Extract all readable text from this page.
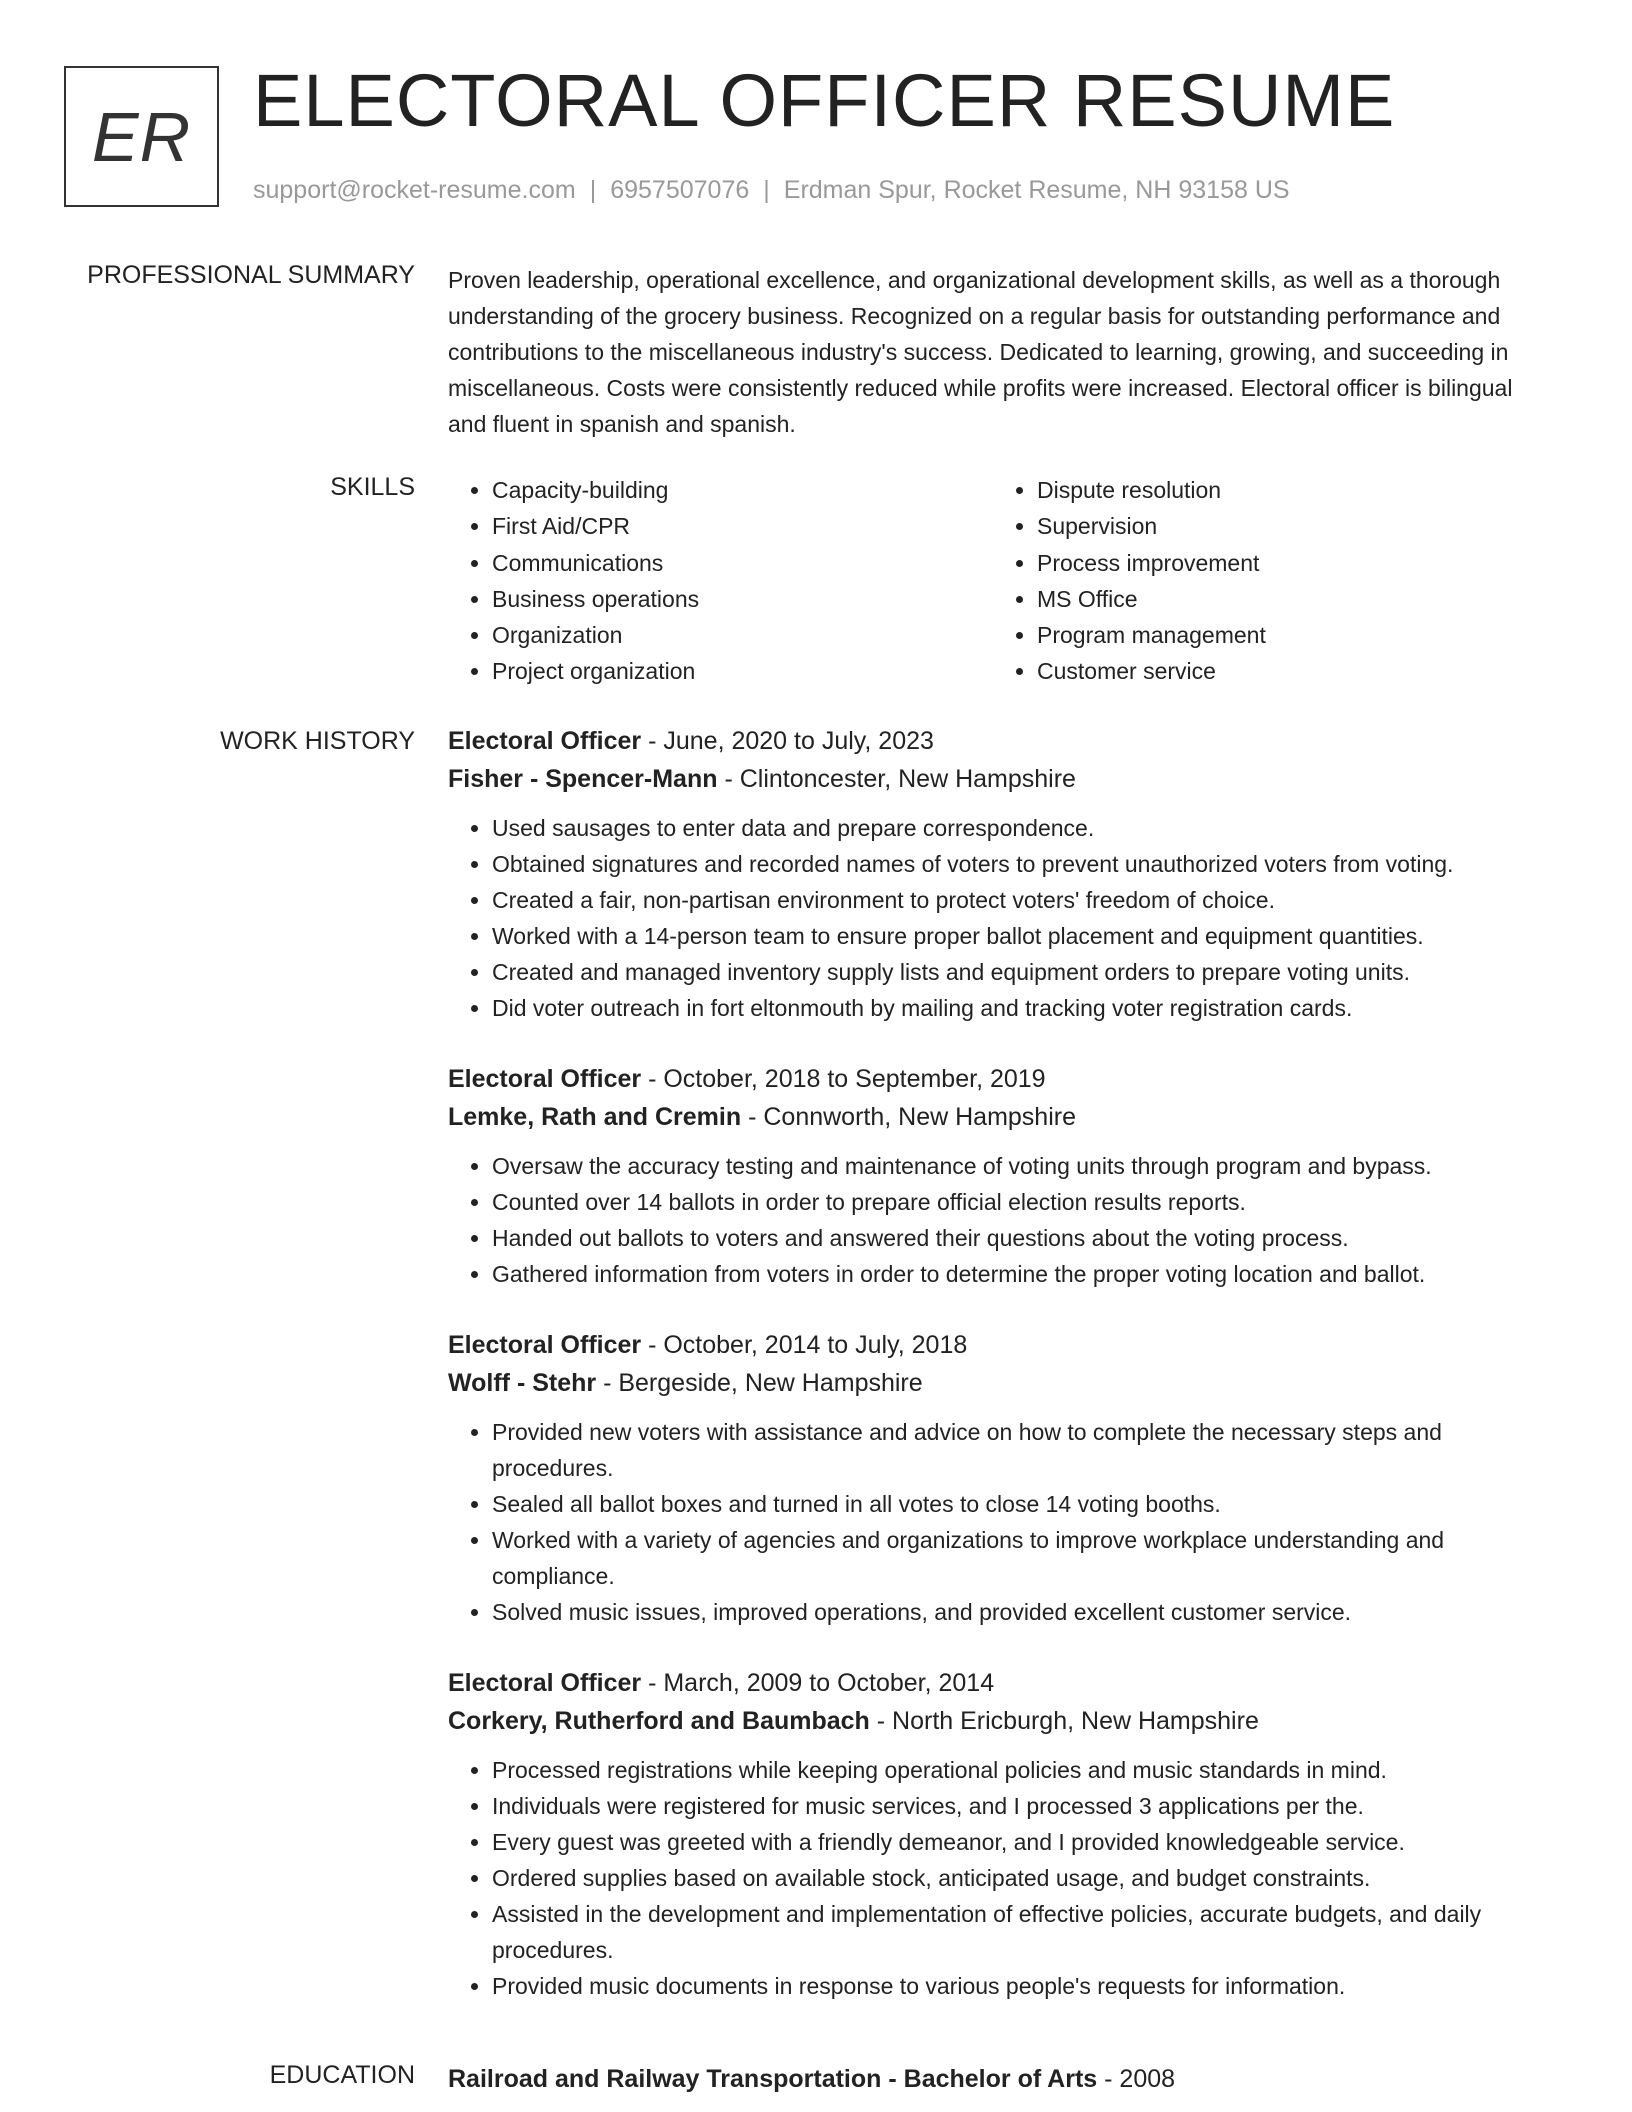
ER ELECTORAL OFFICER RESUME
support@rocket-resume.com | 6957507076 | Erdman Spur, Rocket Resume, NH 93158 US
PROFESSIONAL SUMMARY Proven leadership, operational excellence, and organizational development skills, as well as a thorough understanding of the grocery business. Recognized on a regular basis for outstanding performance and contributions to the miscellaneous industry's success. Dedicated to learning, growing, and succeeding in miscellaneous. Costs were consistently reduced while profits were increased. Electoral officer is bilingual and fluent in spanish and spanish.

SKILLS
•	Capacity-building
• First Aid/CPR
• Communications
• Business operations
• Organization
• Project organization
• Dispute resolution
• Supervision
• Process improvement
• MS Office
• Program management
• Customer service
WORK HISTORY Electoral Officer - June, 2020 to July, 2023
Fisher - Spencer-Mann - Clintoncester, New Hampshire
• Used sausages to enter data and prepare correspondence.
• Obtained signatures and recorded names of voters to prevent unauthorized voters from voting.
• Created a fair, non-partisan environment to protect voters' freedom of choice.
• Worked with a 14-person team to ensure proper ballot placement and equipment quantities.
• Created and managed inventory supply lists and equipment orders to prepare voting units.
• Did voter outreach in fort eltonmouth by mailing and tracking voter registration cards.
Electoral Officer - October, 2018 to September, 2019
Lemke, Rath and Cremin - Connworth, New Hampshire
• Oversaw the accuracy testing and maintenance of voting units through program and bypass.
• Counted over 14 ballots in order to prepare official election results reports.
• Handed out ballots to voters and answered their questions about the voting process.
• Gathered information from voters in order to determine the proper voting location and ballot.
Electoral Officer - October, 2014 to July, 2018
Wolff - Stehr - Bergeside, New Hampshire
• Provided new voters with assistance and advice on how to complete the necessary steps and procedures.
• Sealed all ballot boxes and turned in all votes to close 14 voting booths.
• Worked with a variety of agencies and organizations to improve workplace understanding and compliance.
• Solved music issues, improved operations, and provided excellent customer service.
Electoral Officer - March, 2009 to October, 2014
Corkery, Rutherford and Baumbach - North Ericburgh, New Hampshire
• Processed registrations while keeping operational policies and music standards in mind.
• Individuals were registered for music services, and I processed 3 applications per the.
• Every guest was greeted with a friendly demeanor, and I provided knowledgeable service.
• Ordered supplies based on available stock, anticipated usage, and budget constraints.
• Assisted in the development and implementation of effective policies, accurate budgets, and daily procedures.
• Provided music documents in response to various people's requests for information.
EDUCATION Railroad and Railway Transportation - Bachelor of Arts - 2008
